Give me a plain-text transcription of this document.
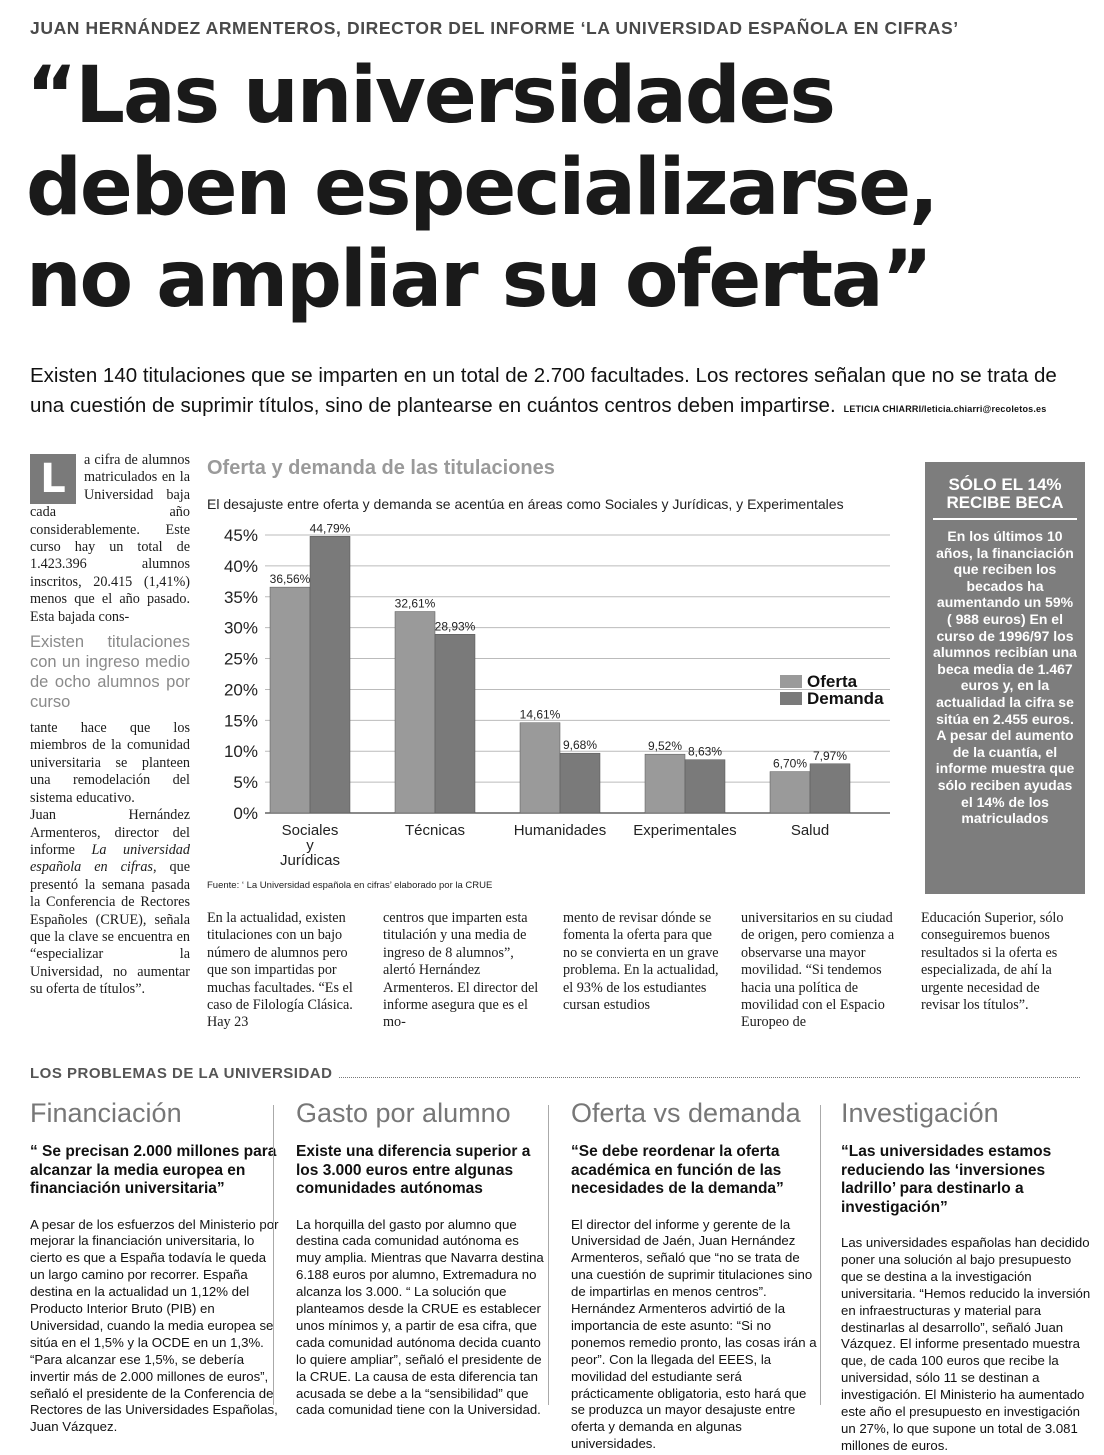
JUAN HERNÁNDEZ ARMENTEROS, DIRECTOR DEL INFORME ‘LA UNIVERSIDAD ESPAÑOLA EN CIFRAS’
“Las universidades
deben especializarse,
no ampliar su oferta”
Existen 140 titulaciones que se imparten en un total de 2.700 facultades. Los rectores señalan que no se trata de una cuestión de suprimir títulos, sino de plantearse en cuántos centros deben impartirse. LETICIA CHIARRI/leticia.chiarri@recoletos.es
L	a cifra de alumnos matriculados en la Universidad baja cada año considerablemente. Este curso hay un total de 1.423.396 alumnos inscritos, 20.415 (1,41%) menos que el año pasado. Esta bajada cons-
Existen titulaciones con un ingreso medio de ocho alumnos por curso
tante hace que los miembros de la comunidad universitaria se planteen una remodelación del sistema educativo.
Juan Hernández Armenteros, director del informe La universidad española en cifras, que presentó la semana pasada la Conferencia de Rectores Españoles (CRUE), señala que la clave se encuentra en “especializar la Universidad, no aumentar su oferta de títulos”.
Oferta y demanda de las titulaciones
El desajuste entre oferta y demanda se acentúa en áreas como Sociales y Jurídicas, y Experimentales
0%
5%
10%
15%
20%
25%
30%
35%
40%
45%
36,56%
44,79%
Sociales
y
Jurídicas
32,61%
28,93%
Técnicas
14,61%
9,68%
Humanidades
9,52% 8,63%
Experimentales
6,70%
7,97%
Salud
Oferta
Demanda
Fuente: ‘ La Universidad española en cifras’ elaborado por la CRUE
SÓLO EL 14% RECIBE BECA
En los últimos 10 años, la financiación que reciben los becados ha aumentando un 59% ( 988 euros) En el curso de 1996/97 los alumnos recibían una beca media de 1.467 euros y, en la actualidad la cifra se sitúa en 2.455 euros. A pesar del aumento de la cuantía, el informe muestra que sólo reciben ayudas el 14% de los matriculados
En la actualidad, existen titulaciones con un bajo número de alumnos pero que son impartidas por muchas facultades. “Es el caso de Filología Clásica. Hay 23
centros que imparten esta titulación y una media de ingreso de 8 alumnos”, alertó Hernández Armenteros. El director del informe asegura que es el mo-
mento de revisar dónde se fomenta la oferta para que no se convierta en un grave problema. En la actualidad, el 93% de los estudiantes cursan estudios
universitarios en su ciudad de origen, pero comienza a observarse una mayor movilidad. “Si tendemos hacia una política de movilidad con el Espacio Europeo de
Educación Superior, sólo conseguiremos buenos resultados si la oferta es especializada, de ahí la urgente necesidad de revisar los títulos”.
LOS PROBLEMAS DE LA UNIVERSIDAD
Financiación
“ Se precisan 2.000 millones para alcanzar la media europea en financiación universitaria”
A pesar de los esfuerzos del Ministerio por mejorar la financiación universitaria, lo cierto es que a España todavía le queda un largo camino por recorrer. España destina en la actualidad un 1,12% del Producto Interior Bruto (PIB) en Universidad, cuando la media europea se sitúa en el 1,5% y la OCDE en un 1,3%. “Para alcanzar ese 1,5%, se debería invertir más de 2.000 millones de euros”, señaló el presidente de la Conferencia de Rectores de las Universidades Españolas, Juan Vázquez.
Gasto por alumno
Existe una diferencia superior a los 3.000 euros entre algunas comunidades autónomas
La horquilla del gasto por alumno que destina cada comunidad autónoma es muy amplia. Mientras que Navarra destina 6.188 euros por alumno, Extremadura no alcanza los 3.000. “ La solución que planteamos desde la CRUE es establecer unos mínimos y, a partir de esa cifra, que cada comunidad autónoma decida cuanto lo quiere ampliar”, señaló el presidente de la CRUE. La causa de esta diferencia tan acusada se debe a la “sensibilidad” que cada comunidad tiene con la Universidad.
Oferta vs demanda
“Se debe reordenar la oferta académica en función de las necesidades de la demanda”
El director del informe y gerente de la Universidad de Jaén, Juan Hernández Armenteros, señaló que “no se trata de una cuestión de suprimir titulaciones sino de impartirlas en menos centros”. Hernández Armenteros advirtió de la importancia de este asunto: “Si no ponemos remedio pronto, las cosas irán a peor”. Con la llegada del EEES, la movilidad del estudiante será prácticamente obligatoria, esto hará que se produzca un mayor desajuste entre oferta y demanda en algunas universidades.
Investigación
“Las universidades estamos reduciendo las ‘inversiones ladrillo’ para destinarlo a investigación”
Las universidades españolas han decidido poner una solución al bajo presupuesto que se destina a la investigación universitaria. “Hemos reducido la inversión en infraestructuras y material para destinarlas al desarrollo”, señaló Juan Vázquez. El informe presentado muestra que, de cada 100 euros que recibe la universidad, sólo 11 se destinan a investigación. El Ministerio ha aumentado este año el presupuesto en investigación un 27%, lo que supone un total de 3.081 millones de euros.
